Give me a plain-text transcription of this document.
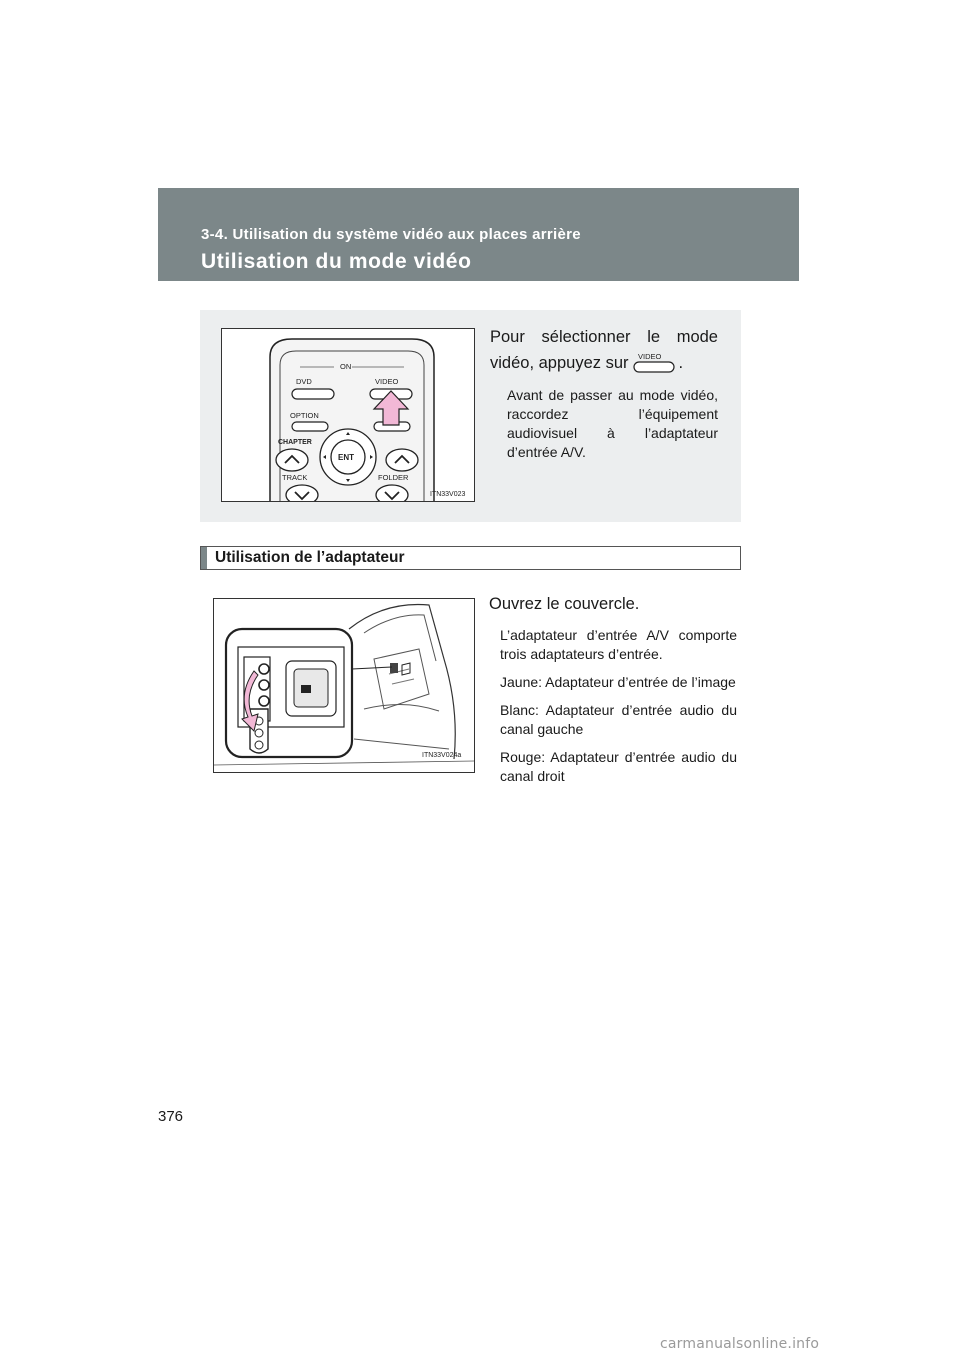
3-4. Utilisation du système vidéo aux places arrière
Utilisation du mode vidéo
ON
DVD	VIDEO
OPTION
CHAPTER
ENT
TRACK	FOLDER
ITN33V023

Pour sélectionner le mode vidéo, appuyez sur VIDEO .

Avant de passer au mode vidéo, raccordez l’équipement audiovisuel à l’adaptateur d’entrée A/V.

Utilisation de l’adaptateur
ITN33V024a

Ouvrez le couvercle.

L’adaptateur d’entrée A/V comporte trois adaptateurs d’entrée.

Jaune: Adaptateur d’entrée de l’image

Blanc: Adaptateur d’entrée audio du canal gauche

Rouge: Adaptateur d’entrée audio du canal droit

376
carmanualsonline.info
